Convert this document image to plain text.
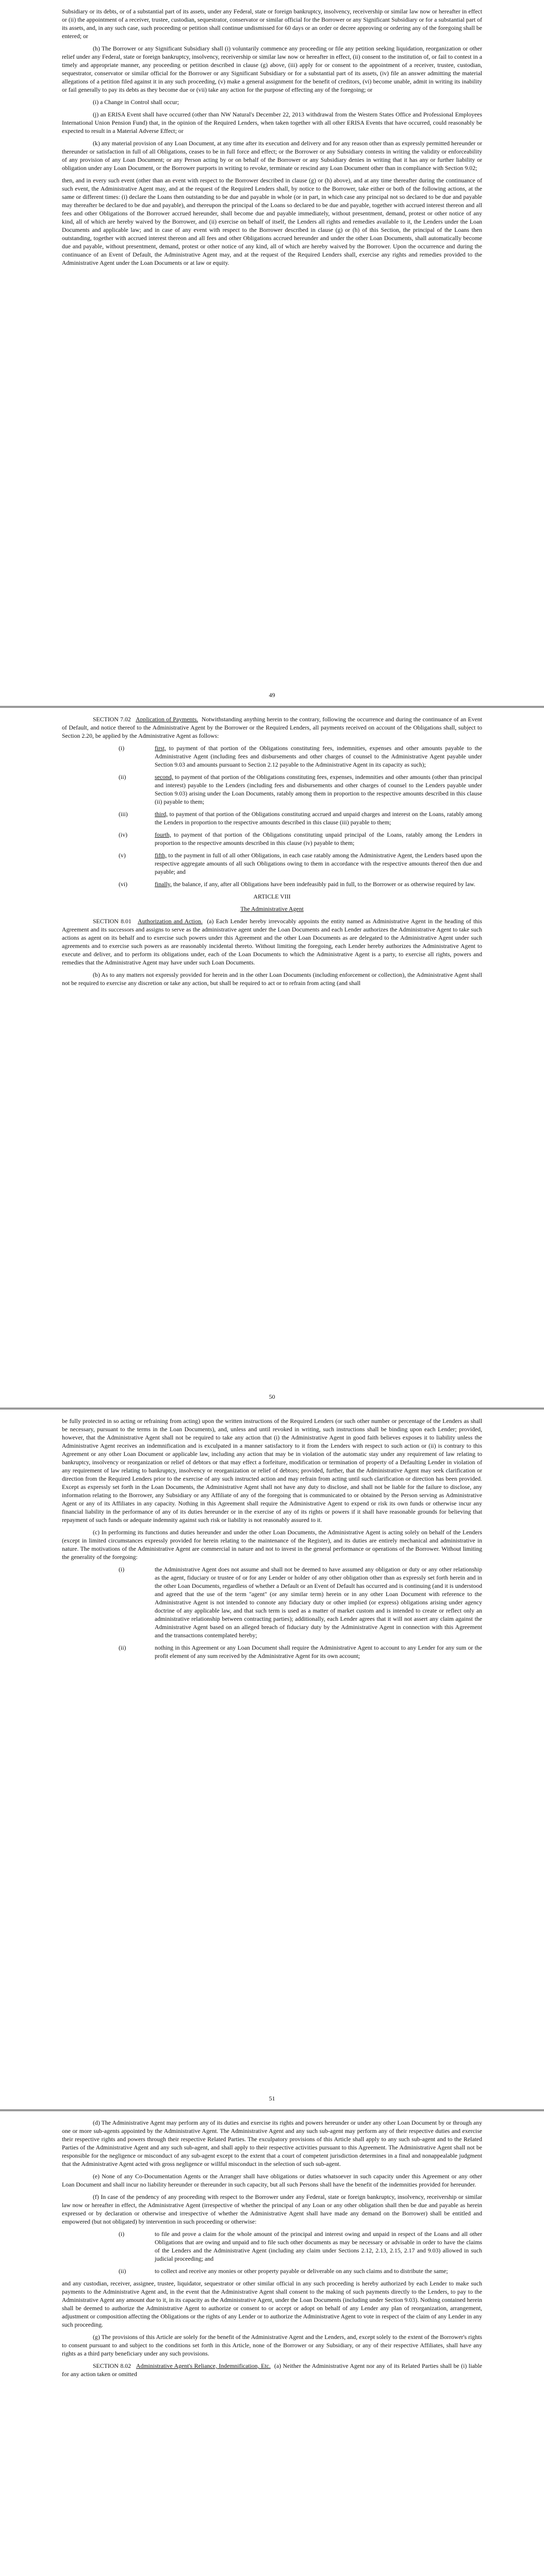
Subsidiary or its debts, or of a substantial part of its assets, under any Federal, state or foreign bankruptcy, insolvency, receivership or similar law now or hereafter in effect or (ii) the appointment of a receiver, trustee, custodian, sequestrator, conservator or similar official for the Borrower or any Significant Subsidiary or for a substantial part of its assets, and, in any such case, such proceeding or petition shall continue undismissed for 60 days or an order or decree approving or ordering any of the foregoing shall be entered; or

(h) The Borrower or any Significant Subsidiary shall (i) voluntarily commence any proceeding or file any petition seeking liquidation, reorganization or other relief under any Federal, state or foreign bankruptcy, insolvency, receivership or similar law now or hereafter in effect, (ii) consent to the institution of, or fail to contest in a timely and appropriate manner, any proceeding or petition described in clause (g) above, (iii) apply for or consent to the appointment of a receiver, trustee, custodian, sequestrator, conservator or similar official for the Borrower or any Significant Subsidiary or for a substantial part of its assets, (iv) file an answer admitting the material allegations of a petition filed against it in any such proceeding, (v) make a general assignment for the benefit of creditors, (vi) become unable, admit in writing its inability or fail generally to pay its debts as they become due or (vii) take any action for the purpose of effecting any of the foregoing; or

(i) a Change in Control shall occur;

(j) an ERISA Event shall have occurred (other than NW Natural's December 22, 2013 withdrawal from the Western States Office and Professional Employees International Union Pension Fund) that, in the opinion of the Required Lenders, when taken together with all other ERISA Events that have occurred, could reasonably be expected to result in a Material Adverse Effect; or

(k) any material provision of any Loan Document, at any time after its execution and delivery and for any reason other than as expressly permitted hereunder or thereunder or satisfaction in full of all Obligations, ceases to be in full force and effect; or the Borrower or any Subsidiary contests in writing the validity or enforceability of any provision of any Loan Document; or any Person acting by or on behalf of the Borrower or any Subsidiary denies in writing that it has any or further liability or obligation under any Loan Document, or the Borrower purports in writing to revoke, terminate or rescind any Loan Document other than in compliance with Section 9.02;

then, and in every such event (other than an event with respect to the Borrower described in clause (g) or (h) above), and at any time thereafter during the continuance of such event, the Administrative Agent may, and at the request of the Required Lenders shall, by notice to the Borrower, take either or both of the following actions, at the same or different times: (i) declare the Loans then outstanding to be due and payable in whole (or in part, in which case any principal not so declared to be due and payable may thereafter be declared to be due and payable), and thereupon the principal of the Loans so declared to be due and payable, together with accrued interest thereon and all fees and other Obligations of the Borrower accrued hereunder, shall become due and payable immediately, without presentment, demand, protest or other notice of any kind, all of which are hereby waived by the Borrower, and (ii) exercise on behalf of itself, the Lenders all rights and remedies available to it, the Lenders under the Loan Documents and applicable law; and in case of any event with respect to the Borrower described in clause (g) or (h) of this Section, the principal of the Loans then outstanding, together with accrued interest thereon and all fees and other Obligations accrued hereunder and under the other Loan Documents, shall automatically become due and payable, without presentment, demand, protest or other notice of any kind, all of which are hereby waived by the Borrower. Upon the occurrence and during the continuance of an Event of Default, the Administrative Agent may, and at the request of the Required Lenders shall, exercise any rights and remedies provided to the Administrative Agent under the Loan Documents or at law or equity.

49

SECTION 7.02 Application of Payments. Notwithstanding anything herein to the contrary, following the occurrence and during the continuance of an Event of Default, and notice thereof to the Administrative Agent by the Borrower or the Required Lenders, all payments received on account of the Obligations shall, subject to Section 2.20, be applied by the Administrative Agent as follows:

(i)	first, to payment of that portion of the Obligations constituting fees, indemnities, expenses and other amounts payable to the Administrative Agent (including fees and disbursements and other charges of counsel to the Administrative Agent payable under Section 9.03 and amounts pursuant to Section 2.12 payable to the Administrative Agent in its capacity as such);
(ii)	second, to payment of that portion of the Obligations constituting fees, expenses, indemnities and other amounts (other than principal and interest) payable to the Lenders (including fees and disbursements and other charges of counsel to the Lenders payable under Section 9.03) arising under the Loan Documents, ratably among them in proportion to the respective amounts described in this clause (ii) payable to them;
(iii)	third, to payment of that portion of the Obligations constituting accrued and unpaid charges and interest on the Loans, ratably among the Lenders in proportion to the respective amounts described in this clause (iii) payable to them;
(iv)	fourth, to payment of that portion of the Obligations constituting unpaid principal of the Loans, ratably among the Lenders in proportion to the respective amounts described in this clause (iv) payable to them;
(v)	fifth, to the payment in full of all other Obligations, in each case ratably among the Administrative Agent, the Lenders based upon the respective aggregate amounts of all such Obligations owing to them in accordance with the respective amounts thereof then due and payable; and
(vi)	finally, the balance, if any, after all Obligations have been indefeasibly paid in full, to the Borrower or as otherwise required by law.

ARTICLE VIII

The Administrative Agent

SECTION 8.01 Authorization and Action. (a) Each Lender hereby irrevocably appoints the entity named as Administrative Agent in the heading of this Agreement and its successors and assigns to serve as the administrative agent under the Loan Documents and each Lender authorizes the Administrative Agent to take such actions as agent on its behalf and to exercise such powers under this Agreement and the other Loan Documents as are delegated to the Administrative Agent under such agreements and to exercise such powers as are reasonably incidental thereto. Without limiting the foregoing, each Lender hereby authorizes the Administrative Agent to execute and deliver, and to perform its obligations under, each of the Loan Documents to which the Administrative Agent is a party, to exercise all rights, powers and remedies that the Administrative Agent may have under such Loan Documents.

(b) As to any matters not expressly provided for herein and in the other Loan Documents (including enforcement or collection), the Administrative Agent shall not be required to exercise any discretion or take any action, but shall be required to act or to refrain from acting (and shall

50

be fully protected in so acting or refraining from acting) upon the written instructions of the Required Lenders (or such other number or percentage of the Lenders as shall be necessary, pursuant to the terms in the Loan Documents), and, unless and until revoked in writing, such instructions shall be binding upon each Lender; provided, however, that the Administrative Agent shall not be required to take any action that (i) the Administrative Agent in good faith believes exposes it to liability unless the Administrative Agent receives an indemnification and is exculpated in a manner satisfactory to it from the Lenders with respect to such action or (ii) is contrary to this Agreement or any other Loan Document or applicable law, including any action that may be in violation of the automatic stay under any requirement of law relating to bankruptcy, insolvency or reorganization or relief of debtors or that may effect a forfeiture, modification or termination of property of a Defaulting Lender in violation of any requirement of law relating to bankruptcy, insolvency or reorganization or relief of debtors; provided, further, that the Administrative Agent may seek clarification or direction from the Required Lenders prior to the exercise of any such instructed action and may refrain from acting until such clarification or direction has been provided. Except as expressly set forth in the Loan Documents, the Administrative Agent shall not have any duty to disclose, and shall not be liable for the failure to disclose, any information relating to the Borrower, any Subsidiary or any Affiliate of any of the foregoing that is communicated to or obtained by the Person serving as Administrative Agent or any of its Affiliates in any capacity. Nothing in this Agreement shall require the Administrative Agent to expend or risk its own funds or otherwise incur any financial liability in the performance of any of its duties hereunder or in the exercise of any of its rights or powers if it shall have reasonable grounds for believing that repayment of such funds or adequate indemnity against such risk or liability is not reasonably assured to it.

(c) In performing its functions and duties hereunder and under the other Loan Documents, the Administrative Agent is acting solely on behalf of the Lenders (except in limited circumstances expressly provided for herein relating to the maintenance of the Register), and its duties are entirely mechanical and administrative in nature. The motivations of the Administrative Agent are commercial in nature and not to invest in the general performance or operations of the Borrower. Without limiting the generality of the foregoing:

(i)	the Administrative Agent does not assume and shall not be deemed to have assumed any obligation or duty or any other relationship as the agent, fiduciary or trustee of or for any Lender or holder of any other obligation other than as expressly set forth herein and in the other Loan Documents, regardless of whether a Default or an Event of Default has occurred and is continuing (and it is understood and agreed that the use of the term "agent" (or any similar term) herein or in any other Loan Document with reference to the Administrative Agent is not intended to connote any fiduciary duty or other implied (or express) obligations arising under agency doctrine of any applicable law, and that such term is used as a matter of market custom and is intended to create or reflect only an administrative relationship between contracting parties); additionally, each Lender agrees that it will not assert any claim against the Administrative Agent based on an alleged breach of fiduciary duty by the Administrative Agent in connection with this Agreement and the transactions contemplated hereby;
(ii)	nothing in this Agreement or any Loan Document shall require the Administrative Agent to account to any Lender for any sum or the profit element of any sum received by the Administrative Agent for its own account;
51

(d) The Administrative Agent may perform any of its duties and exercise its rights and powers hereunder or under any other Loan Document by or through any one or more sub-agents appointed by the Administrative Agent. The Administrative Agent and any such sub-agent may perform any of their respective duties and exercise their respective rights and powers through their respective Related Parties. The exculpatory provisions of this Article shall apply to any such sub-agent and to the Related Parties of the Administrative Agent and any such sub-agent, and shall apply to their respective activities pursuant to this Agreement. The Administrative Agent shall not be responsible for the negligence or misconduct of any sub-agent except to the extent that a court of competent jurisdiction determines in a final and nonappealable judgment that the Administrative Agent acted with gross negligence or willful misconduct in the selection of such sub-agent.

(e) None of any Co-Documentation Agents or the Arranger shall have obligations or duties whatsoever in such capacity under this Agreement or any other Loan Document and shall incur no liability hereunder or thereunder in such capacity, but all such Persons shall have the benefit of the indemnities provided for hereunder.

(f) In case of the pendency of any proceeding with respect to the Borrower under any Federal, state or foreign bankruptcy, insolvency, receivership or similar law now or hereafter in effect, the Administrative Agent (irrespective of whether the principal of any Loan or any other obligation shall then be due and payable as herein expressed or by declaration or otherwise and irrespective of whether the Administrative Agent shall have made any demand on the Borrower) shall be entitled and empowered (but not obligated) by intervention in such proceeding or otherwise:

(i)	to file and prove a claim for the whole amount of the principal and interest owing and unpaid in respect of the Loans and all other Obligations that are owing and unpaid and to file such other documents as may be necessary or advisable in order to have the claims of the Lenders and the Administrative Agent (including any claim under Sections 2.12, 2.13, 2.15, 2.17 and 9.03) allowed in such judicial proceeding; and
(ii)	to collect and receive any monies or other property payable or deliverable on any such claims and to distribute the same;

and any custodian, receiver, assignee, trustee, liquidator, sequestrator or other similar official in any such proceeding is hereby authorized by each Lender to make such payments to the Administrative Agent and, in the event that the Administrative Agent shall consent to the making of such payments directly to the Lenders, to pay to the Administrative Agent any amount due to it, in its capacity as the Administrative Agent, under the Loan Documents (including under Section 9.03). Nothing contained herein shall be deemed to authorize the Administrative Agent to authorize or consent to or accept or adopt on behalf of any Lender any plan of reorganization, arrangement, adjustment or composition affecting the Obligations or the rights of any Lender or to authorize the Administrative Agent to vote in respect of the claim of any Lender in any such proceeding.

(g) The provisions of this Article are solely for the benefit of the Administrative Agent and the Lenders, and, except solely to the extent of the Borrower's rights to consent pursuant to and subject to the conditions set forth in this Article, none of the Borrower or any Subsidiary, or any of their respective Affiliates, shall have any rights as a third party beneficiary under any such provisions.

SECTION 8.02 Administrative Agent's Reliance, Indemnification, Etc. (a) Neither the Administrative Agent nor any of its Related Parties shall be (i) liable for any action taken or omitted
